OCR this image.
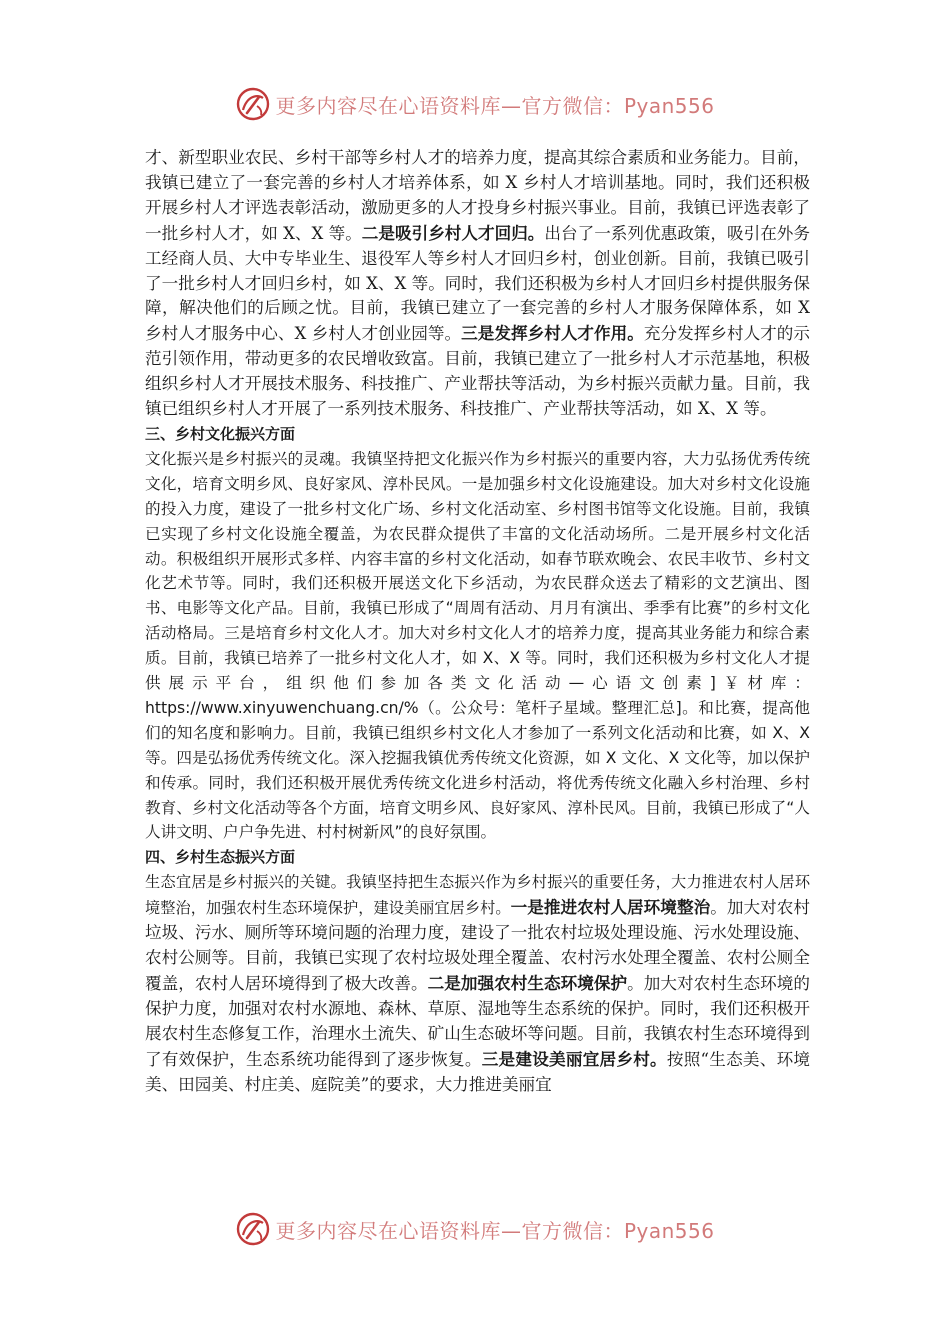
更多内容尽在心语资料库—官方微信：Pyan556

才、新型职业农民、乡村干部等乡村人才的培养力度，提高其综合素质和业务能力。目前，我镇已建立了一套完善的乡村人才培养体系，如 X 乡村人才培训基地。同时，我们还积极开展乡村人才评选表彰活动，激励更多的人才投身乡村振兴事业。目前，我镇已评选表彰了一批乡村人才，如 X、X 等。二是吸引乡村人才回归。出台了一系列优惠政策，吸引在外务工经商人员、大中专毕业生、退役军人等乡村人才回归乡村，创业创新。目前，我镇已吸引了一批乡村人才回归乡村，如 X、X 等。同时，我们还积极为乡村人才回归乡村提供服务保障，解决他们的后顾之忧。目前，我镇已建立了一套完善的乡村人才服务保障体系，如 X 乡村人才服务中心、X 乡村人才创业园等。三是发挥乡村人才作用。充分发挥乡村人才的示范引领作用，带动更多的农民增收致富。目前，我镇已建立了一批乡村人才示范基地，积极组织乡村人才开展技术服务、科技推广、产业帮扶等活动，为乡村振兴贡献力量。目前，我镇已组织乡村人才开展了一系列技术服务、科技推广、产业帮扶等活动，如 X、X 等。

三、乡村文化振兴方面

文化振兴是乡村振兴的灵魂。我镇坚持把文化振兴作为乡村振兴的重要内容，大力弘扬优秀传统文化，培育文明乡风、良好家风、淳朴民风。一是加强乡村文化设施建设。加大对乡村文化设施的投入力度，建设了一批乡村文化广场、乡村文化活动室、乡村图书馆等文化设施。目前，我镇已实现了乡村文化设施全覆盖，为农民群众提供了丰富的文化活动场所。二是开展乡村文化活动。积极组织开展形式多样、内容丰富的乡村文化活动，如春节联欢晚会、农民丰收节、乡村文化艺术节等。同时，我们还积极开展送文化下乡活动，为农民群众送去了精彩的文艺演出、图书、电影等文化产品。目前，我镇已形成了“周周有活动、月月有演出、季季有比赛”的乡村文化活动格局。三是培育乡村文化人才。加大对乡村文化人才的培养力度，提高其业务能力和综合素质。目前，我镇已培养了一批乡村文化人才，如 X、X 等。同时，我们还积极为乡村文化人才提供展示平台，组织他们参加各类文化活动—心语文创素]￥材库：https://www.xinyuwenchuang.cn/%（。公众号：笔杆子星域。整理汇总]。和比赛，提高他们的知名度和影响力。目前，我镇已组织乡村文化人才参加了一系列文化活动和比赛，如 X、X 等。四是弘扬优秀传统文化。深入挖掘我镇优秀传统文化资源，如 X 文化、X 文化等，加以保护和传承。同时，我们还积极开展优秀传统文化进乡村活动，将优秀传统文化融入乡村治理、乡村教育、乡村文化活动等各个方面，培育文明乡风、良好家风、淳朴民风。目前，我镇已形成了“人人讲文明、户户争先进、村村树新风”的良好氛围。

四、乡村生态振兴方面

生态宜居是乡村振兴的关键。我镇坚持把生态振兴作为乡村振兴的重要任务，大力推进农村人居环境整治，加强农村生态环境保护，建设美丽宜居乡村。一是推进农村人居环境整治。加大对农村垃圾、污水、厕所等环境问题的治理力度，建设了一批农村垃圾处理设施、污水处理设施、农村公厕等。目前，我镇已实现了农村垃圾处理全覆盖、农村污水处理全覆盖、农村公厕全覆盖，农村人居环境得到了极大改善。二是加强农村生态环境保护。加大对农村生态环境的保护力度，加强对农村水源地、森林、草原、湿地等生态系统的保护。同时，我们还积极开展农村生态修复工作，治理水土流失、矿山生态破坏等问题。目前，我镇农村生态环境得到了有效保护，生态系统功能得到了逐步恢复。三是建设美丽宜居乡村。按照“生态美、环境美、田园美、村庄美、庭院美”的要求，大力推进美丽宜

更多内容尽在心语资料库—官方微信：Pyan556
